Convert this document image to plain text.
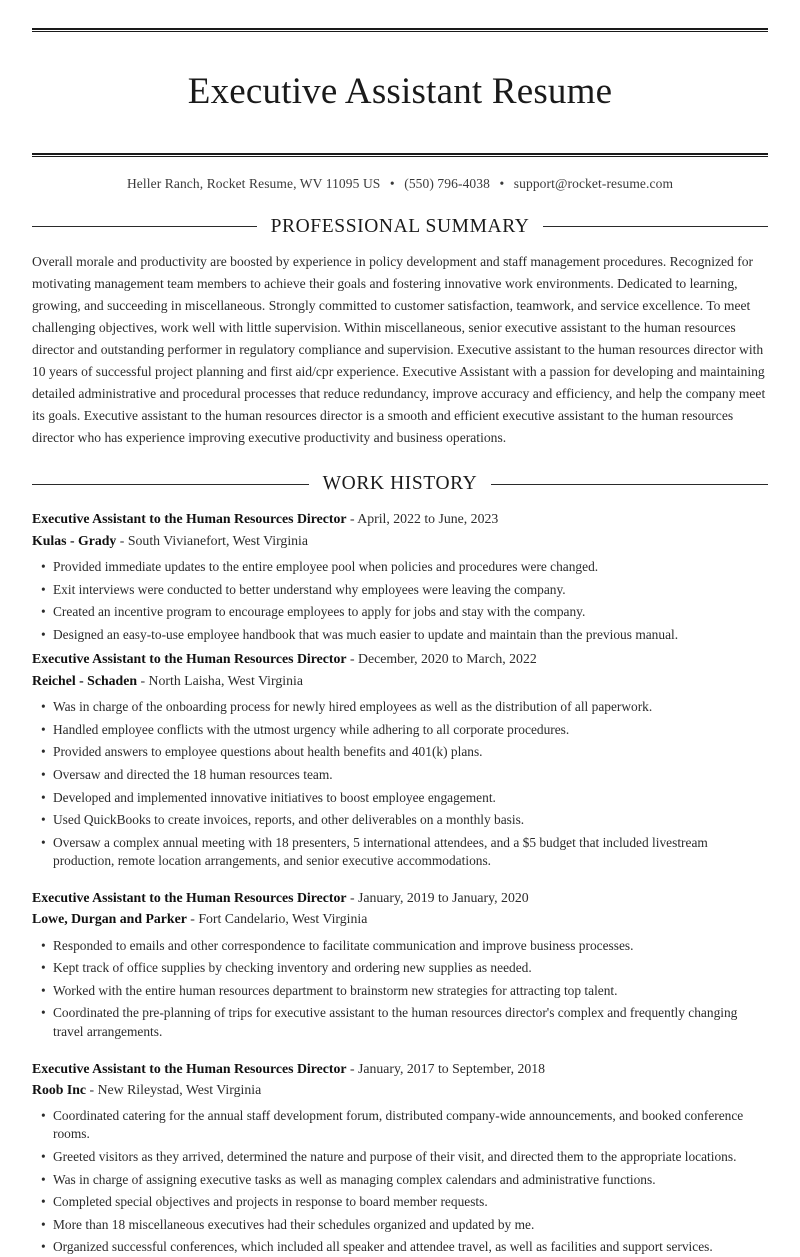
Executive Assistant Resume
Heller Ranch, Rocket Resume, WV 11095 US • (550) 796-4038 • support@rocket-resume.com
PROFESSIONAL SUMMARY

Overall morale and productivity are boosted by experience in policy development and staff management procedures. Recognized for motivating management team members to achieve their goals and fostering innovative work environments. Dedicated to learning, growing, and succeeding in miscellaneous. Strongly committed to customer satisfaction, teamwork, and service excellence. To meet challenging objectives, work well with little supervision. Within miscellaneous, senior executive assistant to the human resources director and outstanding performer in regulatory compliance and supervision. Executive assistant to the human resources director with 10 years of successful project planning and first aid/cpr experience. Executive Assistant with a passion for developing and maintaining detailed administrative and procedural processes that reduce redundancy, improve accuracy and efficiency, and help the company meet its goals. Executive assistant to the human resources director is a smooth and efficient executive assistant to the human resources director who has experience improving executive productivity and business operations.

WORK HISTORY
Executive Assistant to the Human Resources Director - April, 2022 to June, 2023
Kulas - Grady - South Vivianefort, West Virginia
• Provided immediate updates to the entire employee pool when policies and procedures were changed.
• Exit interviews were conducted to better understand why employees were leaving the company.
• Created an incentive program to encourage employees to apply for jobs and stay with the company.
• Designed an easy-to-use employee handbook that was much easier to update and maintain than the previous manual.
Executive Assistant to the Human Resources Director - December, 2020 to March, 2022
Reichel - Schaden - North Laisha, West Virginia
• Was in charge of the onboarding process for newly hired employees as well as the distribution of all paperwork.
• Handled employee conflicts with the utmost urgency while adhering to all corporate procedures.
• Provided answers to employee questions about health benefits and 401(k) plans.
• Oversaw and directed the 18 human resources team.
• Developed and implemented innovative initiatives to boost employee engagement.
• Used QuickBooks to create invoices, reports, and other deliverables on a monthly basis.
• Oversaw a complex annual meeting with 18 presenters, 5 international attendees, and a $5 budget that included livestream production, remote location arrangements, and senior executive accommodations.
Executive Assistant to the Human Resources Director - January, 2019 to January, 2020
Lowe, Durgan and Parker - Fort Candelario, West Virginia
• Responded to emails and other correspondence to facilitate communication and improve business processes.
• Kept track of office supplies by checking inventory and ordering new supplies as needed.
• Worked with the entire human resources department to brainstorm new strategies for attracting top talent.
• Coordinated the pre-planning of trips for executive assistant to the human resources director's complex and frequently changing travel arrangements.
Executive Assistant to the Human Resources Director - January, 2017 to September, 2018
Roob Inc - New Rileystad, West Virginia
• Coordinated catering for the annual staff development forum, distributed company-wide announcements, and booked conference rooms.
• Greeted visitors as they arrived, determined the nature and purpose of their visit, and directed them to the appropriate locations.
• Was in charge of assigning executive tasks as well as managing complex calendars and administrative functions.
• Completed special objectives and projects in response to board member requests.
• More than 18 miscellaneous executives had their schedules organized and updated by me.
• Organized successful conferences, which included all speaker and attendee travel, as well as facilities and support services.
